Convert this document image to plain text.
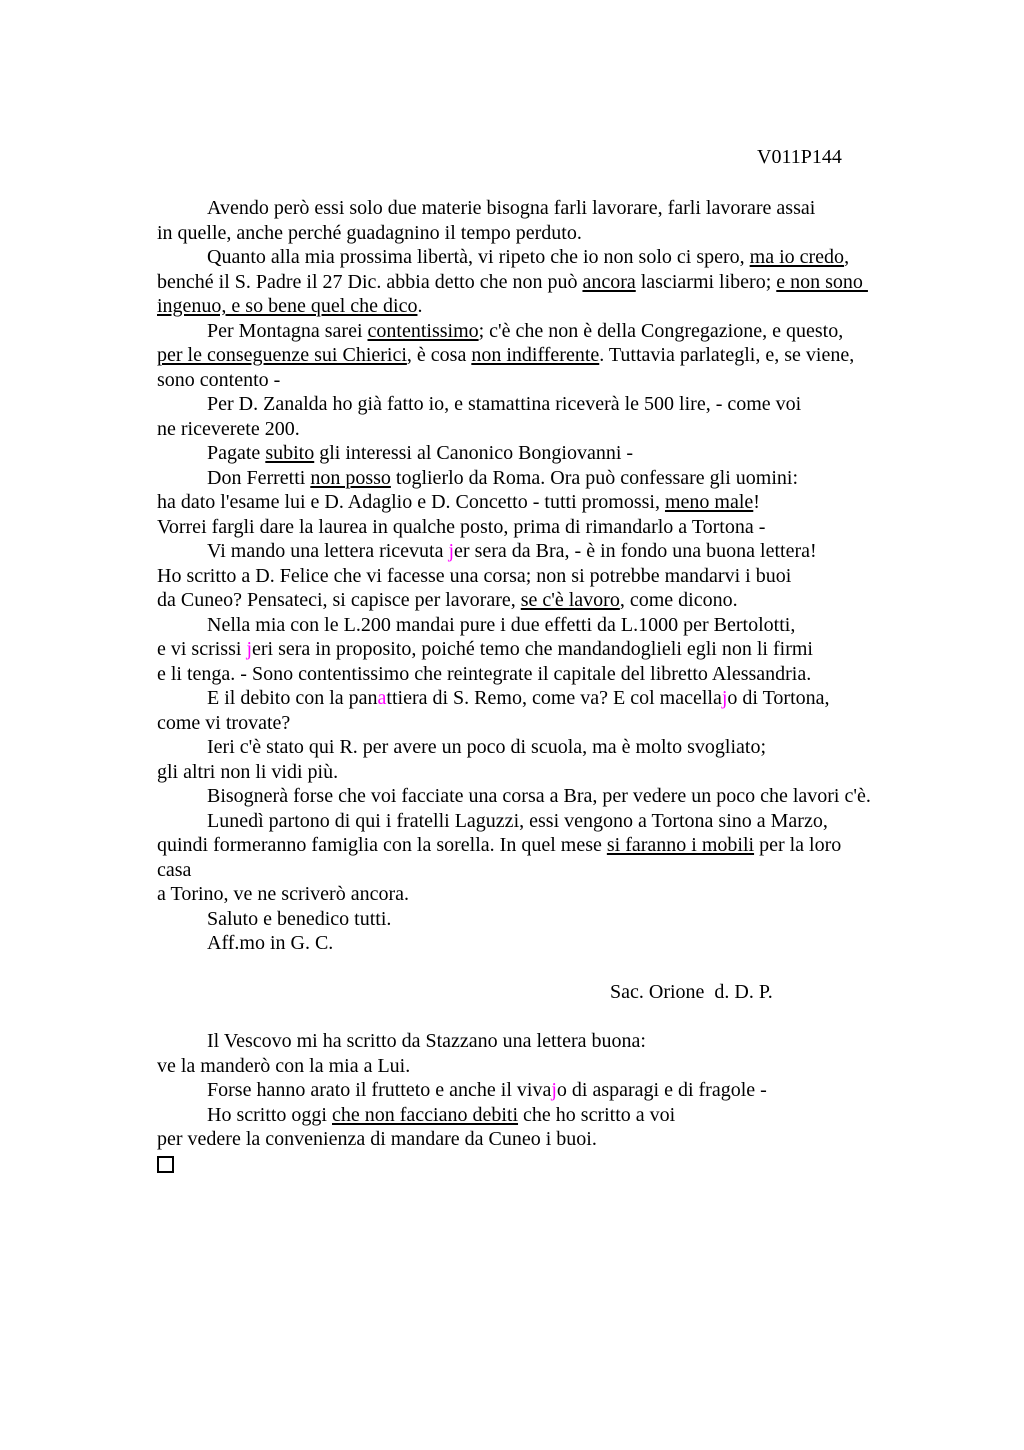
V011P144
Avendo però essi solo due materie bisogna farli lavorare, farli lavorare assai
in quelle, anche perché guadagnino il tempo perduto.
Quanto alla mia prossima libertà, vi ripeto che io non solo ci spero, ma io credo,
benché il S. Padre il 27 Dic. abbia detto che non può ancora lasciarmi libero; e non sono
ingenuo, e so bene quel che dico.
Per Montagna sarei contentissimo; c'è che non è della Congregazione, e questo,
per le conseguenze sui Chierici, è cosa non indifferente. Tuttavia parlategli, e, se viene,
sono contento -
Per D. Zanalda ho già fatto io, e stamattina riceverà le 500 lire, - come voi
ne riceverete 200.
Pagate subito gli interessi al Canonico Bongiovanni -
Don Ferretti non posso toglierlo da Roma. Ora può confessare gli uomini:
ha dato l'esame lui e D. Adaglio e D. Concetto - tutti promossi, meno male!
Vorrei fargli dare la laurea in qualche posto, prima di rimandarlo a Tortona -
Vi mando una lettera ricevuta jer sera da Bra, - è in fondo una buona lettera!
Ho scritto a D. Felice che vi facesse una corsa; non si potrebbe mandarvi i buoi
da Cuneo? Pensateci, si capisce per lavorare, se c'è lavoro, come dicono.
Nella mia con le L.200 mandai pure i due effetti da L.1000 per Bertolotti,
e vi scrissi jeri sera in proposito, poiché temo che mandandoglieli egli non li firmi
e li tenga. - Sono contentissimo che reintegrate il capitale del libretto Alessandria.
E il debito con la panattiera di S. Remo, come va? E col macellajo di Tortona,
come vi trovate?
Ieri c'è stato qui R. per avere un poco di scuola, ma è molto svogliato;
gli altri non li vidi più.
Bisognerà forse che voi facciate una corsa a Bra, per vedere un poco che lavori c'è.
Lunedì partono di qui i fratelli Laguzzi, essi vengono a Tortona sino a Marzo,
quindi formeranno famiglia con la sorella. In quel mese si faranno i mobili per la loro
casa
a Torino, ve ne scriverò ancora.
Saluto e benedico tutti.
Aff.mo in G. C.

Sac. Orione  d. D. P.

Il Vescovo mi ha scritto da Stazzano una lettera buona:
ve la manderò con la mia a Lui.
Forse hanno arato il frutteto e anche il vivajo di asparagi e di fragole -
Ho scritto oggi che non facciano debiti che ho scritto a voi
per vedere la convenienza di mandare da Cuneo i buoi.
